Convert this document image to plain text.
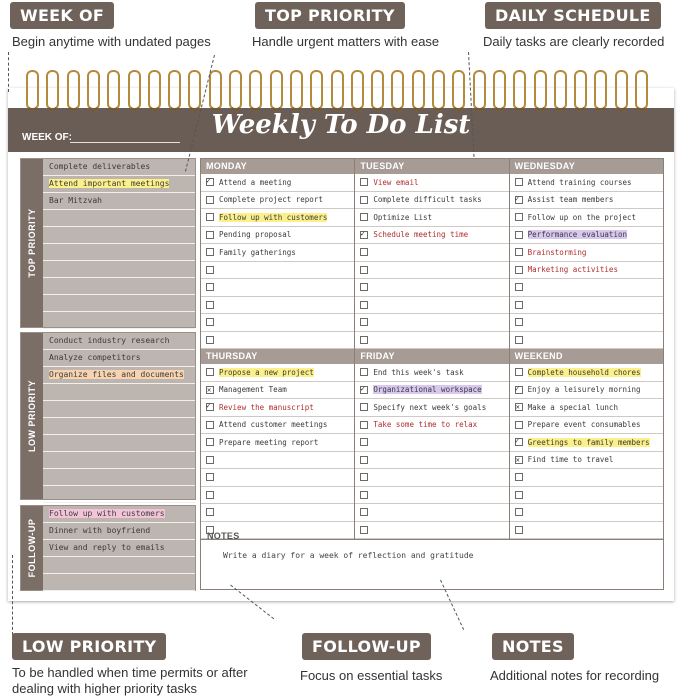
WEEK OF
Begin anytime with undated pages
TOP PRIORITY
Handle urgent matters with ease
DAILY SCHEDULE
Daily tasks are clearly recorded
WEEK OF:	Weekly To Do List
TOP PRIORITY
Complete deliverables
Attend important meetings
Bar Mitzvah
LOW PRIORITY
Conduct industry research
Analyze competitors
Organize files and documents
FOLLOW-UP
Follow up with customers
Dinner with boyfriend
View and reply to emails
MONDAY
✓
Attend a meeting
Complete project report
Follow up with customers
Pending proposal
Family gatherings
TUESDAY
View email
Complete difficult tasks
Optimize List
✓
Schedule meeting time
WEDNESDAY
Attend training courses
✓
Assist team members
Follow up on the project
Performance evaluation
Brainstorming
Marketing activities
THURSDAY
Propose a new project
✕
Management Team
✓
Review the manuscript
Attend customer meetings
Prepare meeting report
FRIDAY
End this week's task
✓
Organizational workspace
Specify next week's goals
Take some time to relax
WEEKEND
Complete household chores
✓
Enjoy a leisurely morning
✕
Make a special lunch
Prepare event consumables
✓
Greetings to family members
✕
Find time to travel
NOTES
Write a diary for a week of reflection and gratitude
LOW PRIORITY
To be handled when time permits or after
dealing with higher priority tasks
FOLLOW-UP
Focus on essential tasks
NOTES
Additional notes for recording
